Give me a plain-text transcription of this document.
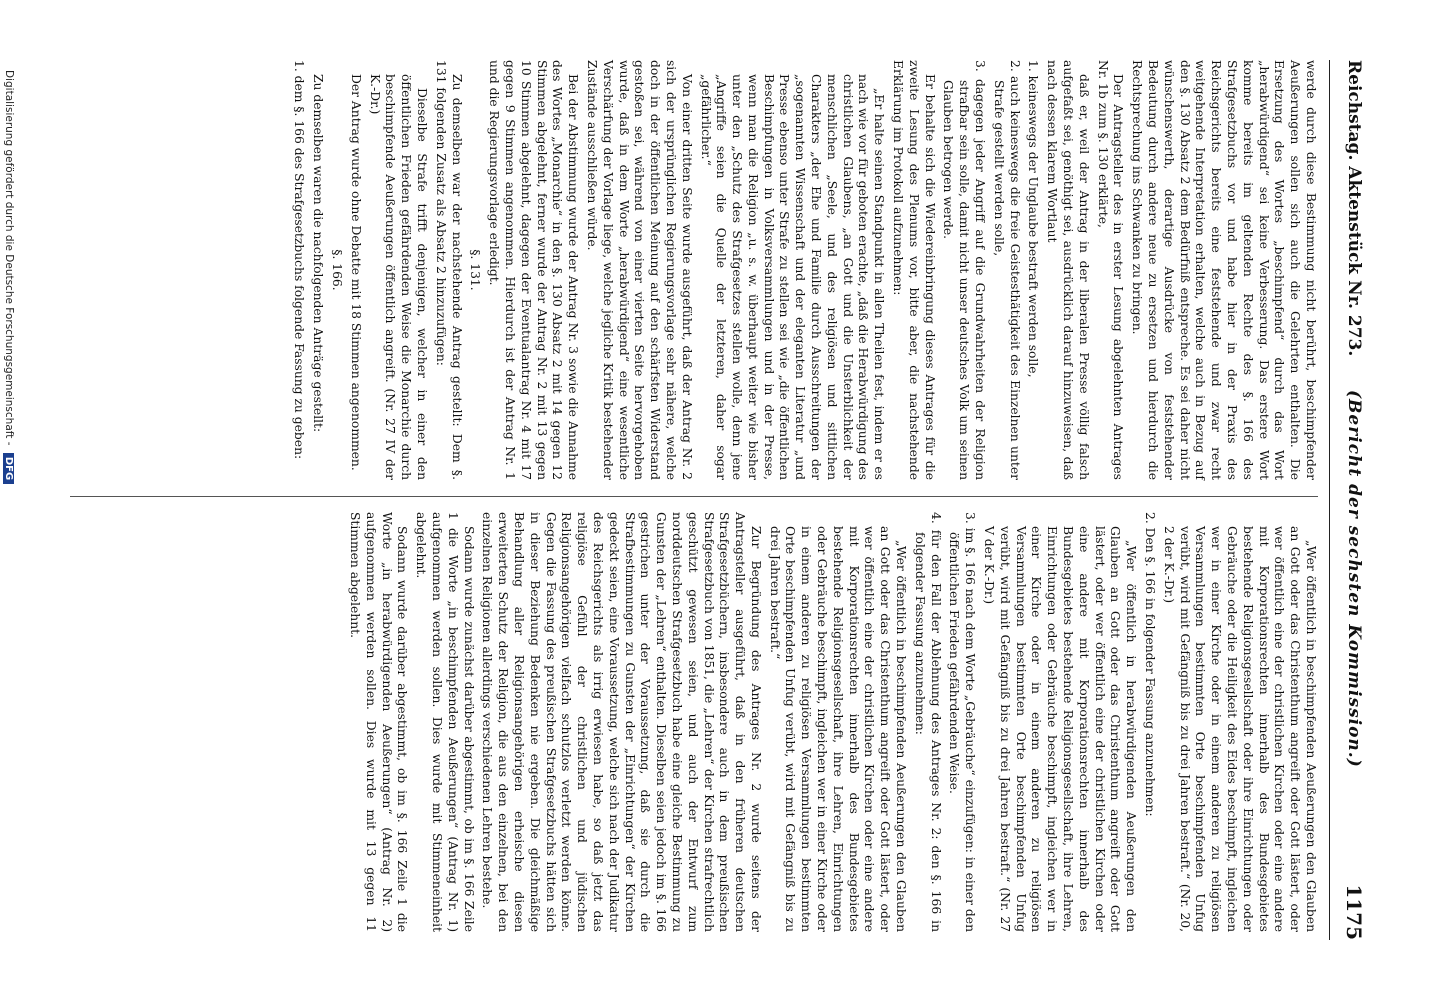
Reichstag. Aktenstück Nr. 273.
(Bericht der sechsten Kommission.)
1175

werde durch diese Bestimmung nicht berührt, beschimpfender Aeußerungen sollen sich auch die Gelehrten enthalten. Die Ersetzung des Wortes „beschimpfend“ durch das Wort „herabwürdigend“ sei keine Verbesserung. Das erstere Wort komme bereits im geltenden Rechte des §. 166 des Strafgesetzbuchs vor und habe hier in der Praxis des Reichsgerichts bereits eine feststehende und zwar recht weitgehende Interpretation erhalten, welche auch in Bezug auf den §. 130 Absatz 2 dem Bedürfniß entspreche. Es sei daher nicht wünschenswerth, derartige Ausdrücke von feststehender Bedeutung durch andere neue zu ersetzen und hierdurch die Rechtsprechung ins Schwanken zu bringen.

Der Antragsteller des in erster Lesung abgelehnten Antrages Nr. 1b zum §. 130 erklärte,

daß er, weil der Antrag in der liberalen Presse völlig falsch aufgefaßt sei, genöthigt sei, ausdrücklich darauf hinzuweisen, daß nach dessen klarem Wortlaut

1. keineswegs der Unglaube bestraft werden solle,

2. auch keineswegs die freie Geistesthätigkeit des Einzelnen unter Strafe gestellt werden solle,

3. dagegen jeder Angriff auf die Grundwahrheiten der Religion strafbar sein solle, damit nicht unser deutsches Volk um seinen Glauben betrogen werde.

Er behalte sich die Wiedereinbringung dieses Antrages für die zweite Lesung des Plenums vor, bitte aber, die nachstehende Erklärung im Protokoll aufzunehmen:

„Er halte seinen Standpunkt in allen Theilen fest, indem er es nach wie vor für geboten erachte, „daß die Herabwürdigung des christlichen Glaubens, „an Gott und die Unsterblichkeit der menschlichen „Seele, und des religiösen und sittlichen Charakters „der Ehe und Familie durch Ausschreitungen der „sogenannten Wissenschaft und der eleganten Literatur „und Presse ebenso unter Strafe zu stellen sei wie „die öffentlichen Beschimpfungen in Volksversammlungen und in der Presse, wenn man die Religion „u. s. w. überhaupt weiter wie bisher unter den „Schutz des Strafgesetzes stellen wolle, denn jene „Angriffe seien die Quelle der letzteren, daher sogar „gefährlicher.“

Von einer dritten Seite wurde ausgeführt, daß der Antrag Nr. 2 sich der ursprünglichen Regierungsvorlage sehr nähere, welche doch in der öffentlichen Meinung auf den schärfsten Widerstand gestoßen sei, während von einer vierten Seite hervorgehoben wurde, daß in dem Worte „herabwürdigend“ eine wesentliche Verschärfung der Vorlage liege, welche jegliche Kritik bestehender Zustände ausschließen würde.

Bei der Abstimmung wurde der Antrag Nr. 3 sowie die Annahme des Wortes „Monarchie“ in den §. 130 Absatz 2 mit 14 gegen 12 Stimmen abgelehnt, ferner wurde der Antrag Nr. 2 mit 13 gegen 10 Stimmen abgelehnt, dagegen der Eventualantrag Nr. 4 mit 17 gegen 9 Stimmen angenommen. Hierdurch ist der Antrag Nr. 1 und die Regierungsvorlage erledigt.

§. 131.

Zu demselben war der nachstehende Antrag gestellt: Dem §. 131 folgenden Zusatz als Absatz 2 hinzuzufügen:

Dieselbe Strafe trifft denjenigen, welcher in einer den öffentlichen Frieden gefährdenden Weise die Monarchie durch beschimpfende Aeußerungen öffentlich angreift. (Nr. 27 IV der K.-Dr.)

Der Antrag wurde ohne Debatte mit 18 Stimmen angenommen.

§. 166.

Zu demselben waren die nachfolgenden Anträge gestellt:

1. dem §. 166 des Strafgesetzbuchs folgende Fassung zu geben:

„Wer öffentlich in beschimpfenden Aeußerungen den Glauben an Gott oder das Christenthum angreift oder Gott lästert, oder wer öffentlich eine der christlichen Kirchen oder eine andere mit Korporationsrechten innerhalb des Bundesgebietes bestehende Religionsgesellschaft oder ihre Einrichtungen oder Gebräuche oder die Heiligkeit des Eides beschimpft, ingleichen wer in einer Kirche oder in einem anderen zu religiösen Versammlungen bestimmten Orte beschimpfenden Unfug verübt, wird mit Gefängniß bis zu drei Jahren bestraft.“ (Nr. 20, 2 der K.-Dr.)

2. Den §. 166 in folgender Fassung anzunehmen:

„Wer öffentlich in herabwürdigenden Aeußerungen den Glauben an Gott oder das Christenthum angreift oder Gott lästert, oder wer öffentlich eine der christlichen Kirchen oder eine andere mit Korporationsrechten innerhalb des Bundesgebietes bestehende Religionsgesellschaft, ihre Lehren, Einrichtungen oder Gebräuche beschimpft, ingleichen wer in einer Kirche oder in einem anderen zu religiösen Versammlungen bestimmten Orte beschimpfenden Unfug verübt, wird mit Gefängniß bis zu drei Jahren bestraft.“ (Nr. 27 V der K.-Dr.)

3. im §. 166 nach dem Worte „Gebräuche“ einzufügen: in einer den öffentlichen Frieden gefährdenden Weise.

4. für den Fall der Ablehnung des Antrages Nr. 2: den §. 166 in folgender Fassung anzunehmen:

„Wer öffentlich in beschimpfenden Aeußerungen den Glauben an Gott oder das Christenthum angreift oder Gott lästert, oder wer öffentlich eine der christlichen Kirchen oder eine andere mit Korporationsrechten innerhalb des Bundesgebietes bestehende Religionsgesellschaft, ihre Lehren, Einrichtungen oder Gebräuche beschimpft, ingleichen wer in einer Kirche oder in einem anderen zu religiösen Versammlungen bestimmten Orte beschimpfenden Unfug verübt, wird mit Gefängniß bis zu drei Jahren bestraft.“

Zur Begründung des Antrages Nr. 2 wurde seitens der Antragsteller ausgeführt, daß in den früheren deutschen Strafgesetzbüchern, insbesondere auch in dem preußischen Strafgesetzbuch von 1851, die „Lehren“ der Kirchen strafrechtlich geschützt gewesen seien, und auch der Entwurf zum norddeutschen Strafgesetzbuch habe eine gleiche Bestimmung zu Gunsten der „Lehren“ enthalten. Dieselben seien jedoch im §. 166 gestrichen unter der Voraussetzung, daß sie durch die Strafbestimmungen zu Gunsten der „Einrichtungen“ der Kirchen gedeckt seien, eine Voraussetzung, welche sich nach der Judikatur des Reichsgerichts als irrig erwiesen habe, so daß jetzt das religiöse Gefühl der christlichen und jüdischen Religionsangehörigen vielfach schutzlos verletzt werden könne. Gegen die Fassung des preußischen Strafgesetzbuchs hätten sich in dieser Beziehung Bedenken nie ergeben. Die gleichmäßige Behandlung aller Religionsangehörigen erheische diesen erweiterten Schutz der Religion, die aus den einzelnen, bei den einzelnen Religionen allerdings verschiedenen Lehren bestehe.

Sodann wurde zunächst darüber abgestimmt, ob im §. 166 Zeile 1 die Worte „in beschimpfenden Aeußerungen“ (Antrag Nr. 1) aufgenommen werden sollen. Dies wurde mit Stimmeneinheit abgelehnt.

Sodann wurde darüber abgestimmt, ob im §. 166 Zeile 1 die Worte „in herabwürdigenden Aeußerungen“ (Antrag Nr. 2) aufgenommen werden sollen. Dies wurde mit 13 gegen 11 Stimmen abgelehnt.

Digitalisierung gefördert durch die Deutsche Forschungsgemeinschaft - DFG
